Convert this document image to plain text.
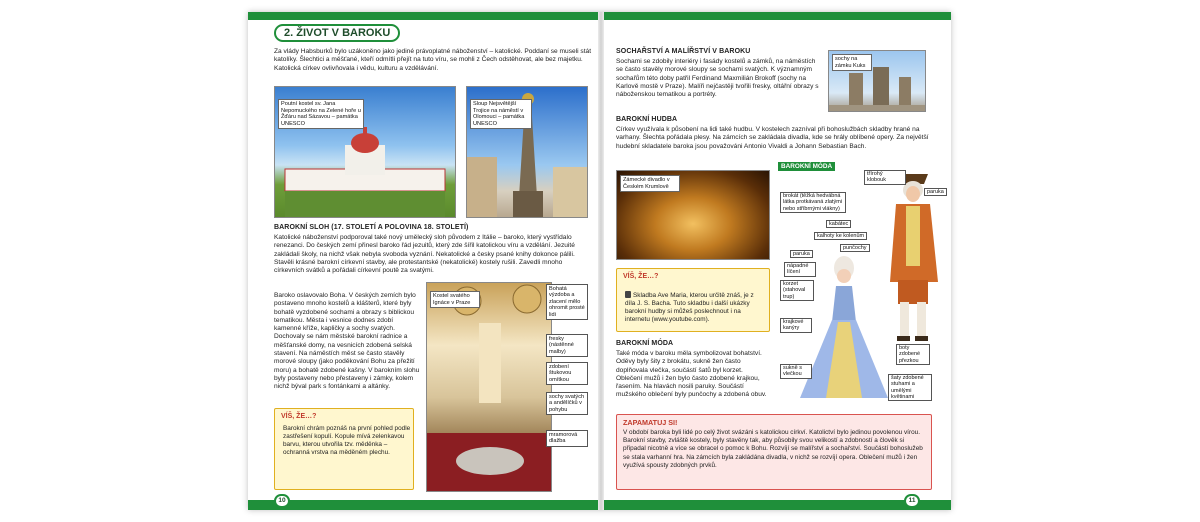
2. ŽIVOT V BAROKU
Za vlády Habsburků bylo uzákoněno jako jediné právoplatné náboženství – katolické. Poddaní se museli stát katolíky. Šlechtici a měšťané, kteří odmítli přejít na tuto víru, se mohli z Čech odstěhovat, ale bez majetku. Katolická církev ovlivňovala i vědu, kulturu a vzdělávání.
Poutní kostel sv. Jana Nepomuckého na Zelené hoře u Žďáru nad Sázavou – památka UNESCO
Sloup Nejsvětější Trojice na náměstí v Olomouci – památka UNESCO
BAROKNÍ SLOH (17. STOLETÍ A POLOVINA 18. STOLETÍ)
Katolické náboženství podporoval také nový umělecký sloh původem z Itálie – baroko, který vystřídalo renezanci. Do českých zemí přinesl baroko řád jezuitů, který zde šířil katolickou víru a vzdělání. Jezuité zakládali školy, na nichž však nebyla svoboda vyznání. Nekatolické a česky psané knihy dokonce pálili. Stavěli krásné barokní církevní stavby, ale protestantské (nekatolické) kostely rušili. Zavedli mnoho církevních svátků a pořádali církevní poutě za svatými.
Baroko oslavovalo Boha. V českých zemích bylo postaveno mnoho kostelů a klášterů, které byly bohatě vyzdobené sochami a obrazy s biblickou tematikou. Města i vesnice dodnes zdobí kamenné kříže, kapličky a sochy svatých. Dochovaly se nám městské barokní radnice a měšťanské domy, na vesnicích zdobená selská stavení. Na náměstích měst se často stavěly morové sloupy (jako poděkování Bohu za přežití moru) a bohatě zdobené kašny. V barokním slohu byly postaveny nebo přestaveny i zámky, kolem nichž býval park s fontánkami a altánky.
Kostel svatého Ignáce v Praze
Bohatá výzdoba a zlacení mělo ohromit prosté lidi
fresky (nástěnné malby)
zdobení štukovou omítkou
sochy svatých a andělíčků v pohybu
mramorová dlažba
VÍŠ, ŽE…?
Barokní chrám poznáš na první pohled podle zastřešení kopulí. Kopule mívá zelenkavou barvu, kterou utvořila tzv. měděnka – ochranná vrstva na měděném plechu.
10
SOCHAŘSTVÍ A MALÍŘSTVÍ V BAROKU
Sochami se zdobily interiéry i fasády kostelů a zámků, na náměstích se často stavěly morové sloupy se sochami svatých. K významným sochařům této doby patřil Ferdinand Maxmilián Brokoff (sochy na Karlově mostě v Praze). Malíři nejčastěji tvořili fresky, oltářní obrazy s náboženskou tematikou a portréty.
sochy na zámku Kuks
BAROKNÍ HUDBA
Církev využívala k působení na lidi také hudbu. V kostelech zazníval při bohoslužbách skladby hrané na varhany. Šlechta pořádala plesy. Na zámcích se zakládala divadla, kde se hrály oblíbené opery. Za největší hudební skladatele baroka jsou považováni Antonio Vivaldi a Johann Sebastian Bach.
Zámecké divadlo v Českém Krumlově
VÍŠ, ŽE…?
Skladba Ave Maria, kterou určitě znáš, je z díla J. S. Bacha. Tuto skladbu i další ukázky barokní hudby si můžeš poslechnout i na internetu (www.youtube.com).
BAROKNÍ MÓDA
Také móda v baroku měla symbolizovat bohatství. Oděvy byly šity z brokátu, sukně žen často doplňovala vlečka, součástí šatů byl korzet. Oblečení mužů i žen bylo často zdobené krajkou, řasením. Na hlavách nosili paruky. Součástí mužského oblečení byly punčochy a zdobená obuv.
BAROKNÍ MÓDA
třírohý klobouk
paruka
brokát (těžká hedvábná látka protkávaná zlatými nebo stříbrnými vlákny)
kabátec
kalhoty ke kolenům
punčochy
paruka
nápadné líčení
korzet (stahoval trup)
krajkové kanýry
sukně s vlečkou
boty zdobené přezkou
šaty zdobené stuhami a umělými květinami
ZAPAMATUJ SI!
V období baroka byli lidé po celý život svázáni s katolickou církví. Katolictví bylo jedinou povolenou vírou. Barokní stavby, zvláště kostely, byly stavěny tak, aby působily svou velikostí a zdobností a člověk si připadal nicotně a více se obracel o pomoc k Bohu. Rozvíjí se malířství a sochařství. Součástí bohoslužeb se stala varhanní hra. Na zámcích byla zakládána divadla, v nichž se rozvíjí opera. Oblečení mužů i žen využívá spousty zdobných prvků.
11
